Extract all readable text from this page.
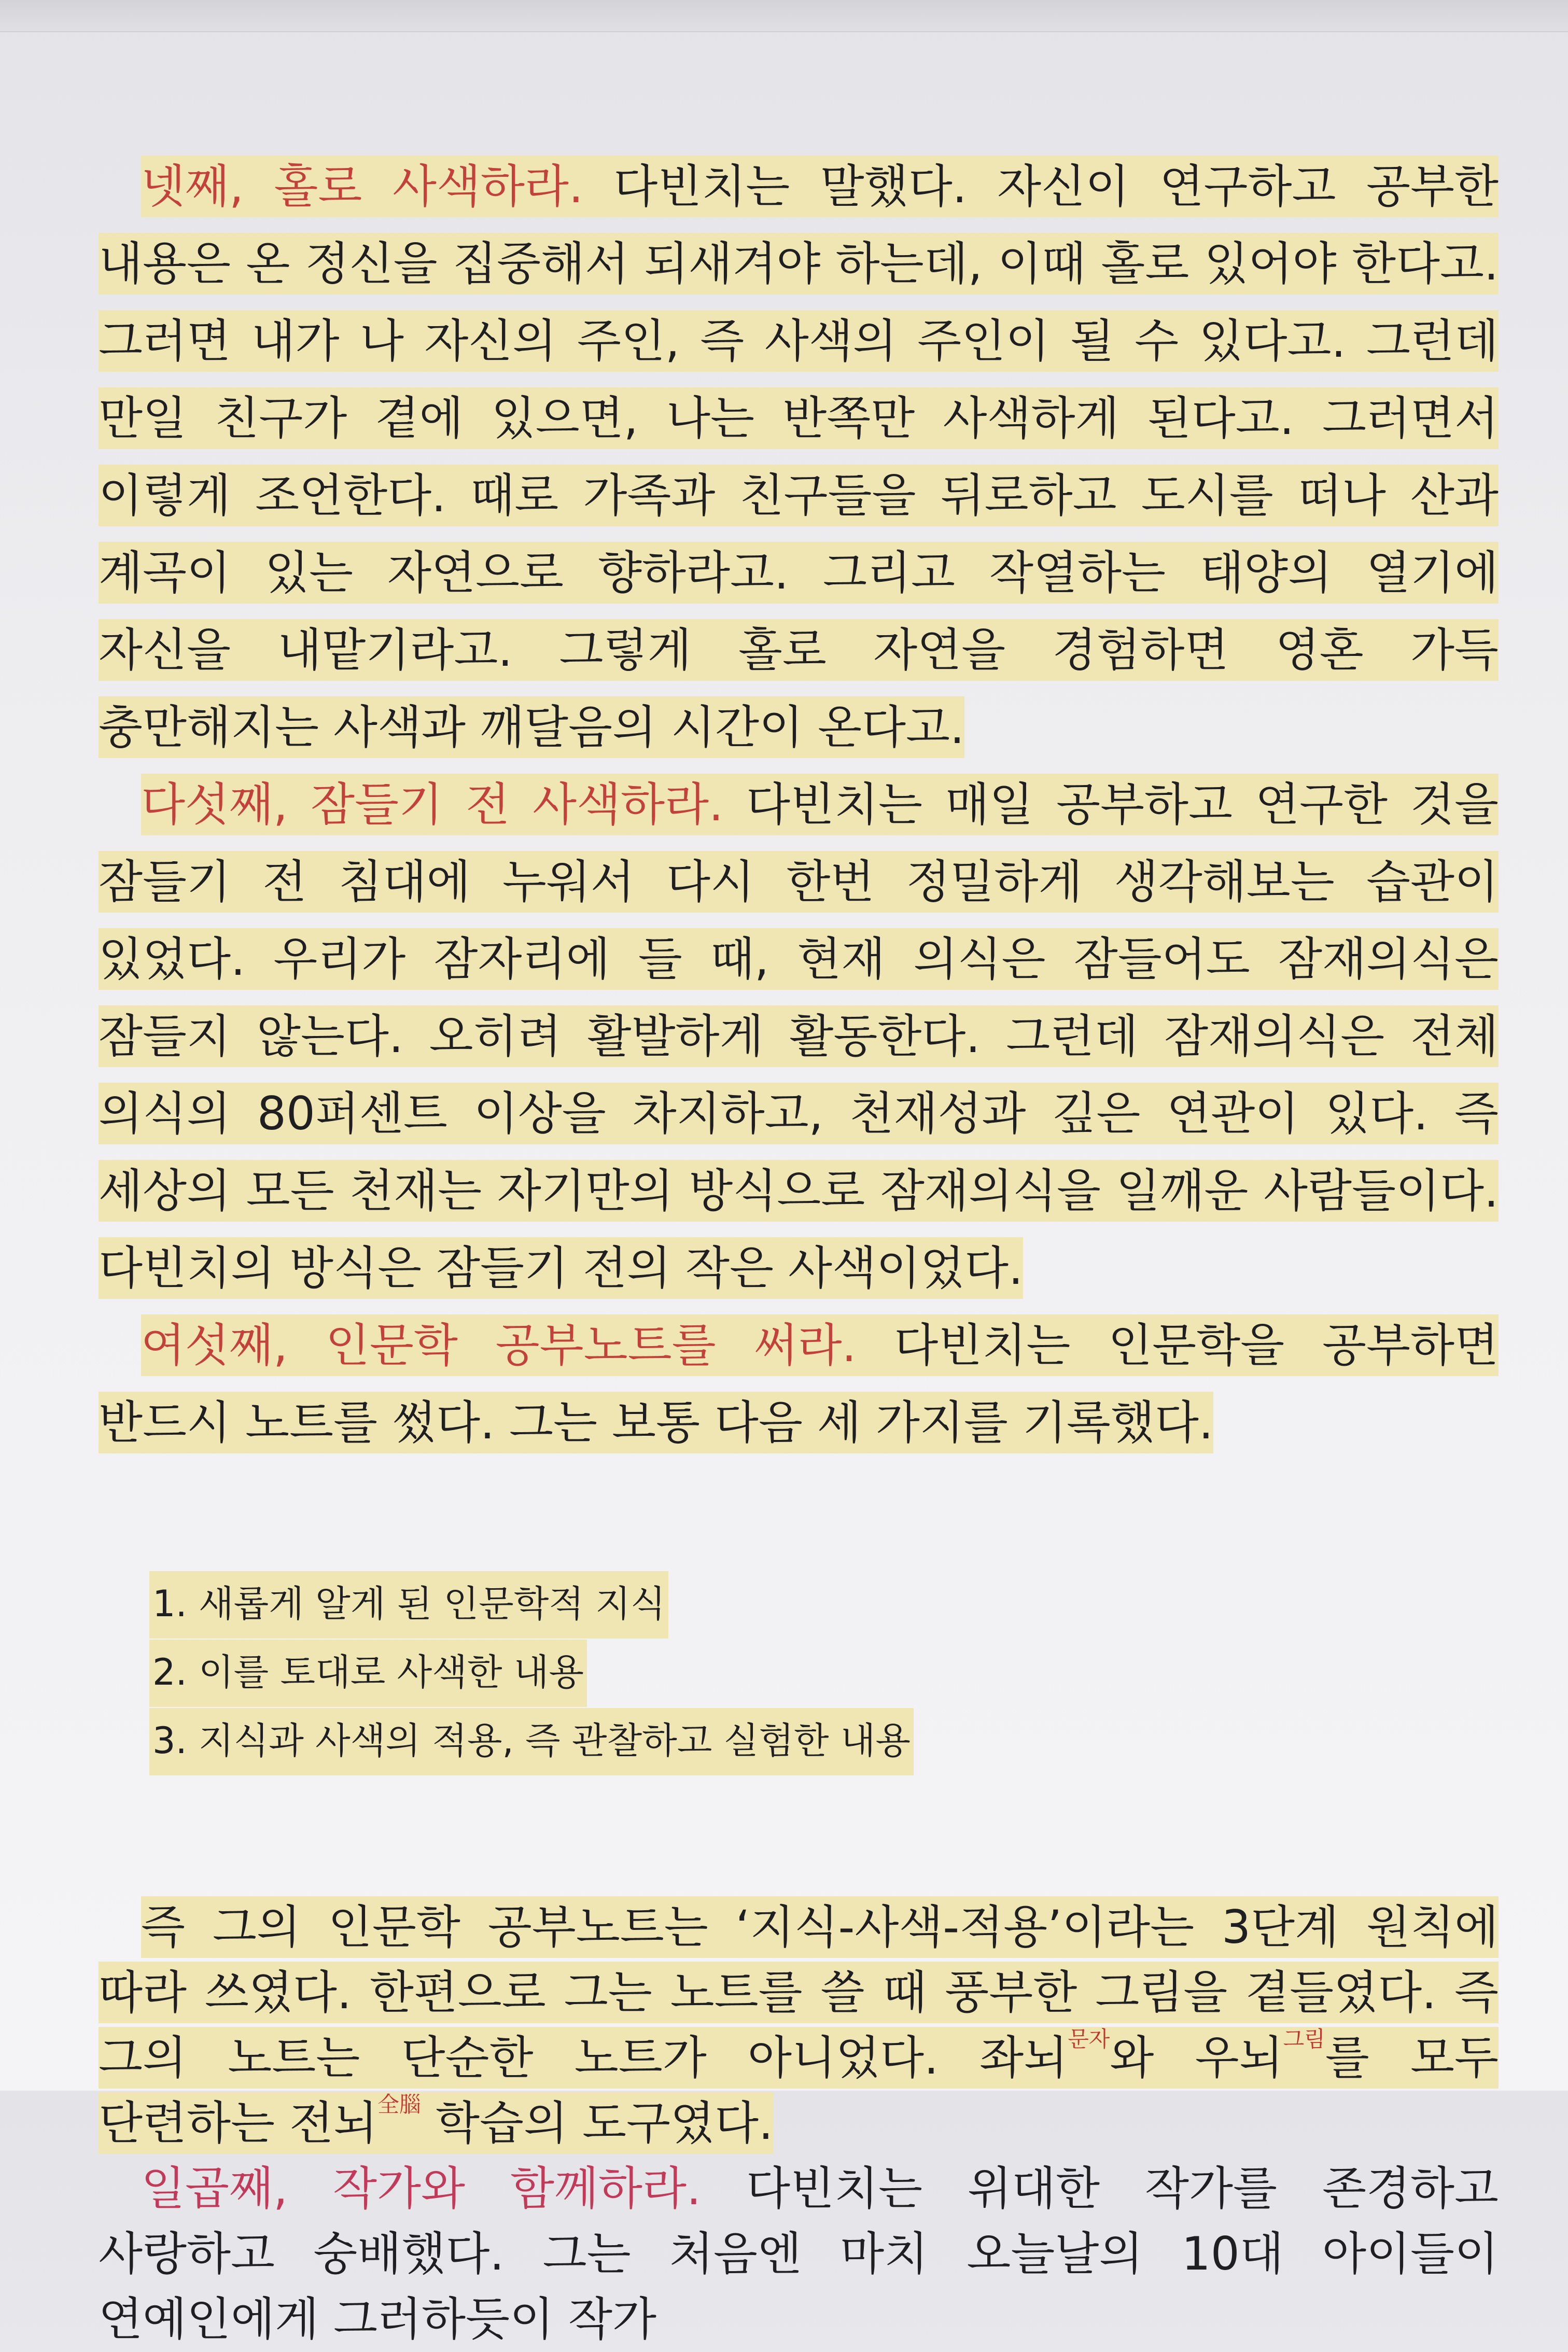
넷째, 홀로 사색하라. 다빈치는 말했다. 자신이 연구하고 공부한 내용은 온 정신을 집중해서 되새겨야 하는데, 이때 홀로 있어야 한다고. 그러면 내가 나 자신의 주인, 즉 사색의 주인이 될 수 있다고. 그런데 만일 친구가 곁에 있으면, 나는 반쪽만 사색하게 된다고. 그러면서 이렇게 조언한다. 때로 가족과 친구들을 뒤로하고 도시를 떠나 산과 계곡이 있는 자연으로 향하라고. 그리고 작열하는 태양의 열기에 자신을 내맡기라고. 그렇게 홀로 자연을 경험하면 영혼 가득 충만해지는 사색과 깨달음의 시간이 온다고.

다섯째, 잠들기 전 사색하라. 다빈치는 매일 공부하고 연구한 것을 잠들기 전 침대에 누워서 다시 한번 정밀하게 생각해보는 습관이 있었다. 우리가 잠자리에 들 때, 현재 의식은 잠들어도 잠재의식은 잠들지 않는다. 오히려 활발하게 활동한다. 그런데 잠재의식은 전체 의식의 80퍼센트 이상을 차지하고, 천재성과 깊은 연관이 있다. 즉 세상의 모든 천재는 자기만의 방식으로 잠재의식을 일깨운 사람들이다. 다빈치의 방식은 잠들기 전의 작은 사색이었다.

여섯째, 인문학 공부노트를 써라. 다빈치는 인문학을 공부하면 반드시 노트를 썼다. 그는 보통 다음 세 가지를 기록했다.

1. 새롭게 알게 된 인문학적 지식
2. 이를 토대로 사색한 내용
3. 지식과 사색의 적용, 즉 관찰하고 실험한 내용

즉 그의 인문학 공부노트는 ‘지식-사색-적용’이라는 3단계 원칙에 따라 쓰였다. 한편으로 그는 노트를 쓸 때 풍부한 그림을 곁들였다. 즉 그의 노트는 단순한 노트가 아니었다. 좌뇌$^{문자}$와 우뇌$^{그림}$를 모두 단련하는 전뇌$^{全腦}$ 학습의 도구였다.

일곱째, 작가와 함께하라. 다빈치는 위대한 작가를 존경하고 사랑하고 숭배했다. 그는 처음엔 마치 오늘날의 10대 아이들이 연예인에게 그러하듯이 작가
